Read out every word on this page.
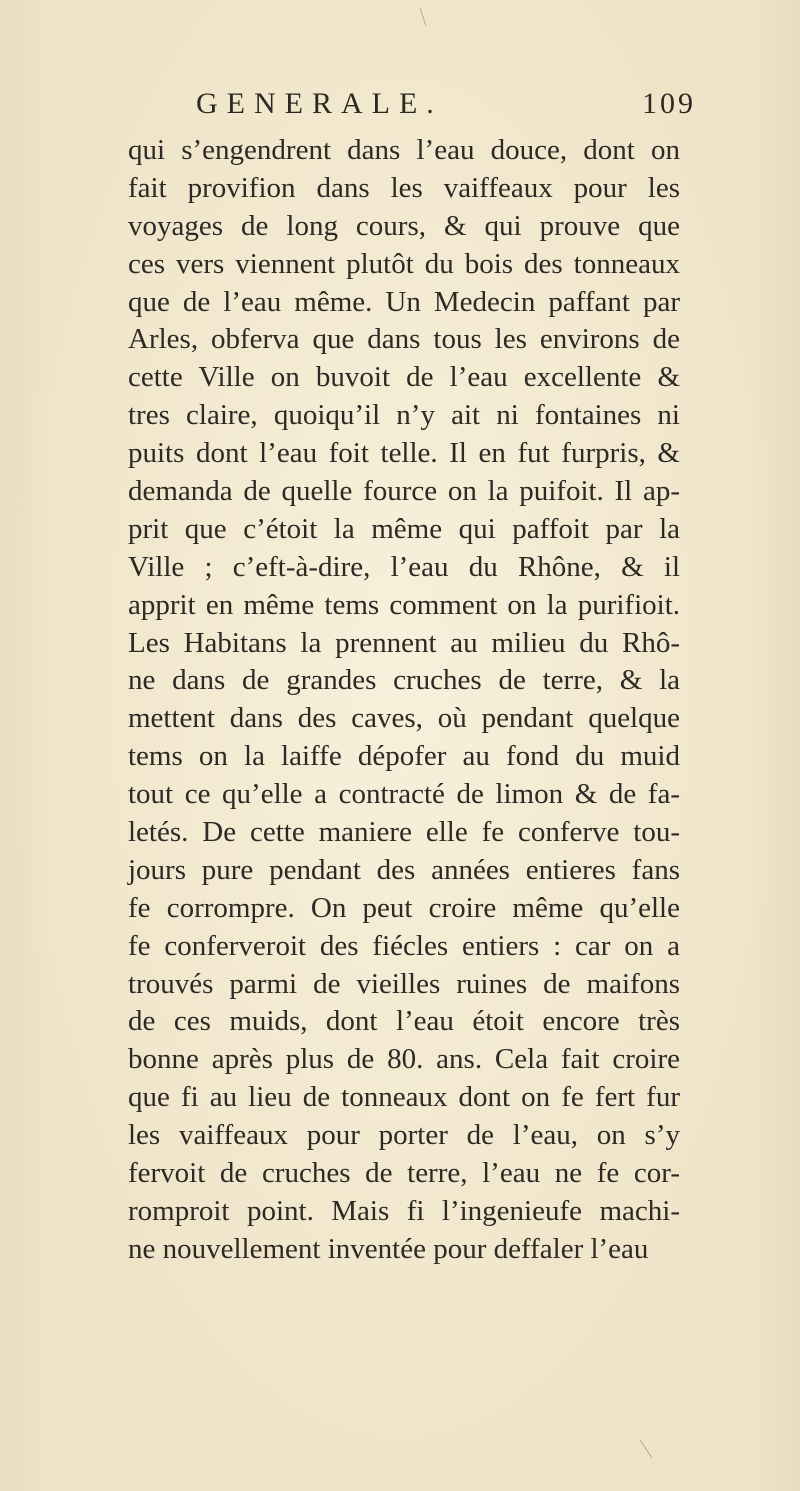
GENERALE.	109
qui s’engendrent dans l’eau douce, dont on
fait provifion dans les vaiffeaux pour les
voyages de long cours, & qui prouve que
ces vers viennent plutôt du bois des tonneaux
que de l’eau même. Un Medecin paffant par
Arles, obferva que dans tous les environs de
cette Ville on buvoit de l’eau excellente &
tres claire, quoiqu’il n’y ait ni fontaines ni
puits dont l’eau foit telle. Il en fut furpris, &
demanda de quelle fource on la puifoit. Il ap-
prit que c’étoit la même qui paffoit par la
Ville ; c’eft-à-dire, l’eau du Rhône, & il
apprit en même tems comment on la purifioit.
Les Habitans la prennent au milieu du Rhô-
ne dans de grandes cruches de terre, & la
mettent dans des caves, où pendant quelque
tems on la laiffe dépofer au fond du muid
tout ce qu’elle a contracté de limon & de fa-
letés. De cette maniere elle fe conferve tou-
jours pure pendant des années entieres fans
fe corrompre. On peut croire même qu’elle
fe conferveroit des fiécles entiers : car on a
trouvés parmi de vieilles ruines de maifons
de ces muids, dont l’eau étoit encore très
bonne après plus de 80. ans. Cela fait croire
que fi au lieu de tonneaux dont on fe fert fur
les vaiffeaux pour porter de l’eau, on s’y
fervoit de cruches de terre, l’eau ne fe cor-
romproit point. Mais fi l’ingenieufe machi-
ne nouvellement inventée pour deffaler l’eau
